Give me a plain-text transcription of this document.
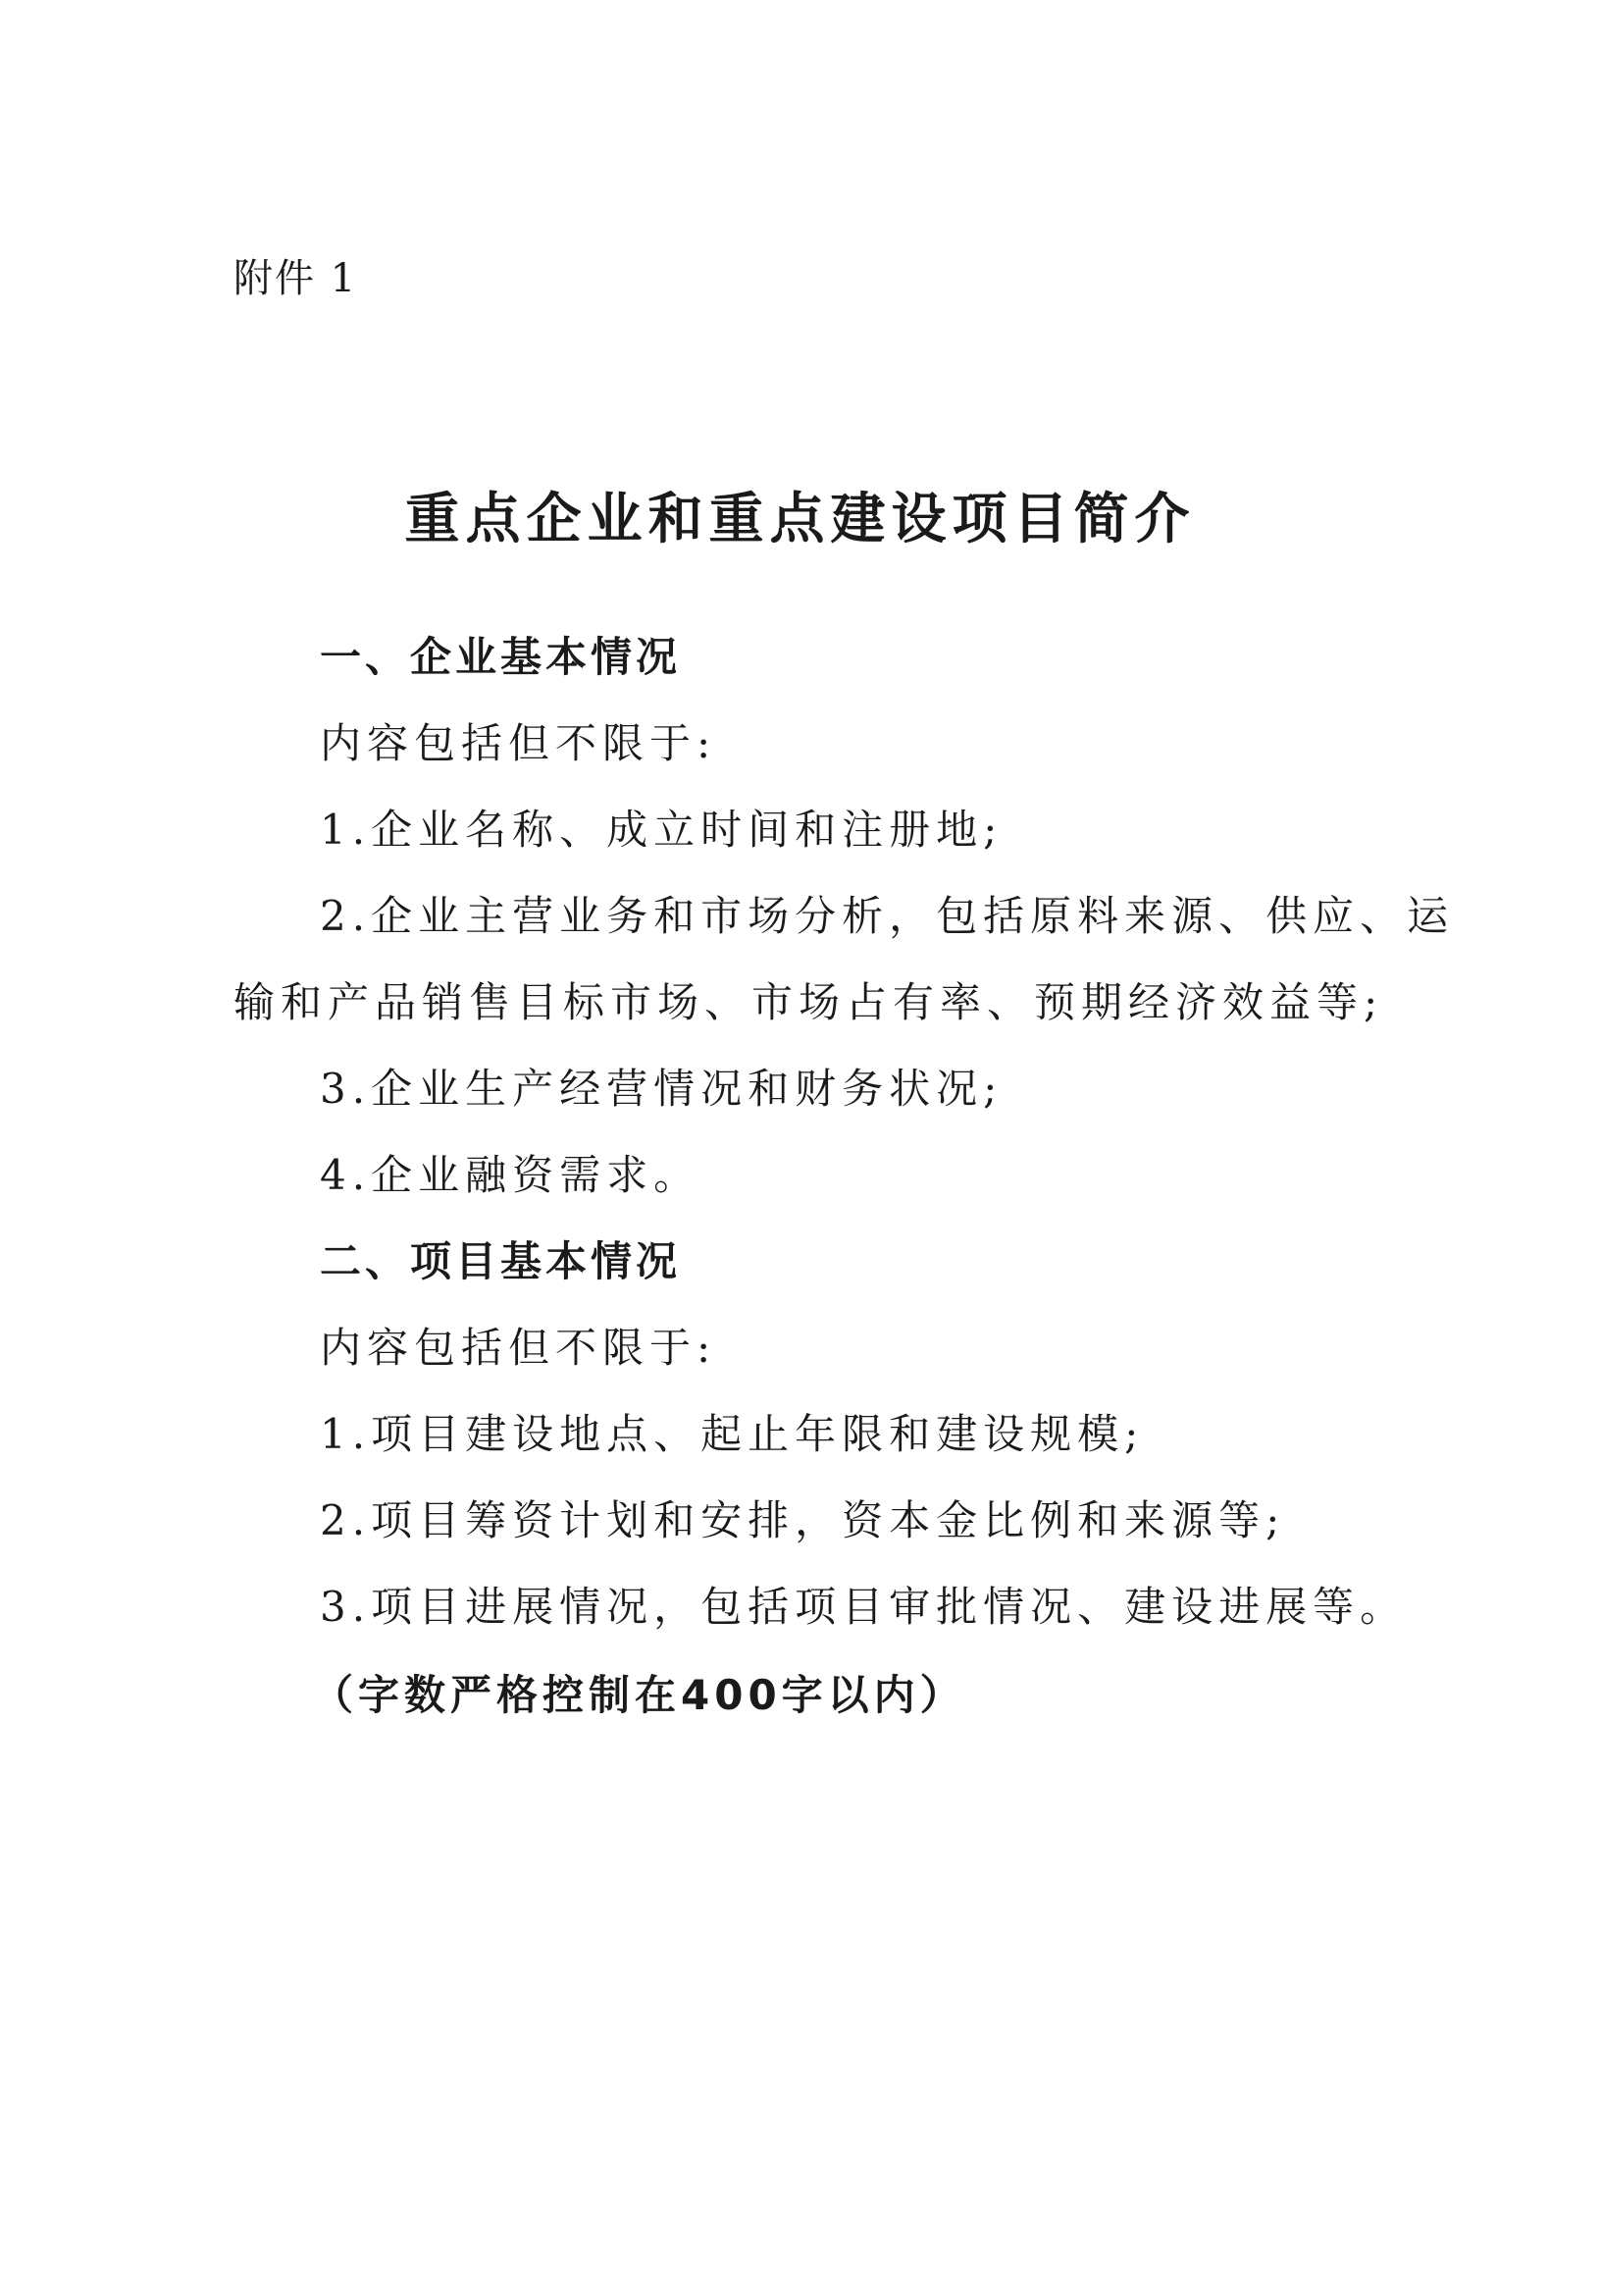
附件 1
重点企业和重点建设项目简介
一、企业基本情况
内容包括但不限于:
1.企业名称、成立时间和注册地;
2.企业主营业务和市场分析，包括原料来源、供应、运
输和产品销售目标市场、市场占有率、预期经济效益等;
3.企业生产经营情况和财务状况;
4.企业融资需求。
二、项目基本情况
内容包括但不限于:
1.项目建设地点、起止年限和建设规模;
2.项目筹资计划和安排，资本金比例和来源等;
3.项目进展情况，包括项目审批情况、建设进展等。
（字数严格控制在400字以内）
